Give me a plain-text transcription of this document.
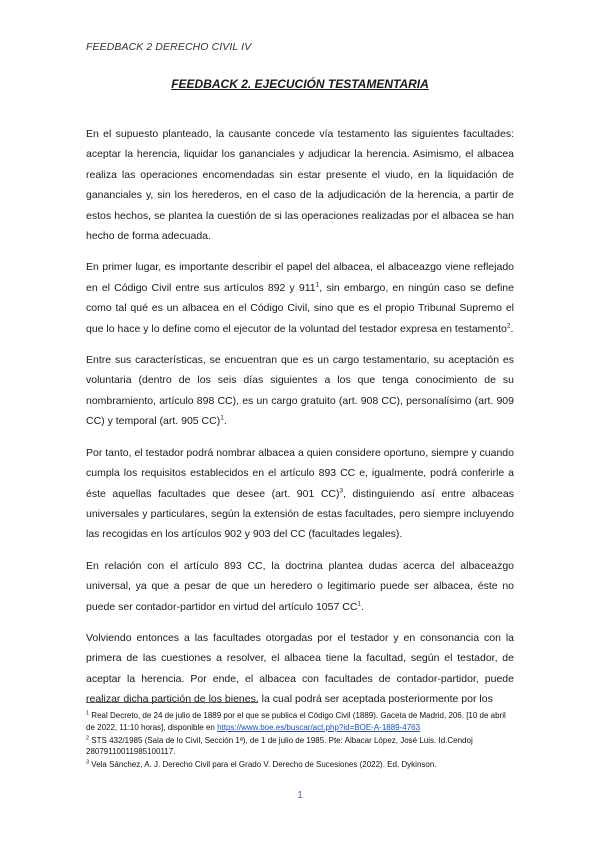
FEEDBACK 2 DERECHO CIVIL IV
FEEDBACK 2. EJECUCIÓN TESTAMENTARIA

En el supuesto planteado, la causante concede vía testamento las siguientes facultades: aceptar la herencia, liquidar los gananciales y adjudicar la herencia. Asimismo, el albacea realiza las operaciones encomendadas sin estar presente el viudo, en la liquidación de gananciales y, sin los herederos, en el caso de la adjudicación de la herencia, a partir de estos hechos, se plantea la cuestión de si las operaciones realizadas por el albacea se han hecho de forma adecuada.

En primer lugar, es importante describir el papel del albacea, el albaceazgo viene reflejado en el Código Civil entre sus artículos 892 y $911^1$, sin embargo, en ningún caso se define como tal qué es un albacea en el Código Civil, sino que es el propio Tribunal Supremo el que lo hace y lo define como el ejecutor de la voluntad del testador expresa en testamento$^2$.

Entre sus características, se encuentran que es un cargo testamentario, su aceptación es voluntaria (dentro de los seis días siguientes a los que tenga conocimiento de su nombramiento, artículo 898 CC), es un cargo gratuito (art. 908 CC), personalísimo (art. 909 CC) y temporal (art. 905 CC)$^1$.

Por tanto, el testador podrá nombrar albacea a quien considere oportuno, siempre y cuando cumpla los requisitos establecidos en el artículo 893 CC e, igualmente, podrá conferirle a éste aquellas facultades que desee (art. 901 CC)$^3$, distinguiendo así entre albaceas universales y particulares, según la extensión de estas facultades, pero siempre incluyendo las recogidas en los artículos 902 y 903 del CC (facultades legales).

En relación con el artículo 893 CC, la doctrina plantea dudas acerca del albaceazgo universal, ya que a pesar de que un heredero o legitimario puede ser albacea, éste no puede ser contador-partidor en virtud del artículo 1057 $CC^1$.

Volviendo entonces a las facultades otorgadas por el testador y en consonancia con la primera de las cuestiones a resolver, el albacea tiene la facultad, según el testador, de aceptar la herencia. Por ende, el albacea con facultades de contador-partidor, puede realizar dicha partición de los bienes, la cual podrá ser aceptada posteriormente por los

$^1$ Real Decreto, de 24 de julio de 1889 por el que se publica el Código Civil (1889). Gaceta de Madrid, 206. [10 de abril de 2022, 11:10 horas], disponible en https://www.boe.es/buscar/act.php?id=BOE-A-1889-4763
$^2$ STS 432/1985 (Sala de lo Civil, Sección 1ª), de 1 de julio de 1985. Pte: Albacar López, José Luis. Id.Cendoj 28079110011985100117.
$^3$ Vela Sánchez, A. J. Derecho Civil para el Grado V. Derecho de Sucesiones (2022). Ed. Dykinson.
1
